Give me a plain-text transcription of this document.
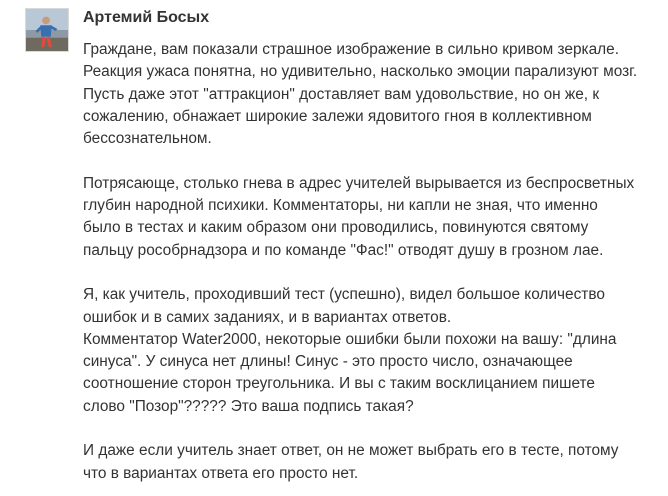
Артемий Босых

Граждане, вам показали страшное изображение в сильно кривом зеркале.
Реакция ужаса понятна, но удивительно, насколько эмоции парализуют мозг.
Пусть даже этот "аттракцион" доставляет вам удовольствие, но он же, к
сожалению, обнажает широкие залежи ядовитого гноя в коллективном
бессознательном.

Потрясающе, столько гнева в адрес учителей вырывается из беспросветных
глубин народной психики. Комментаторы, ни капли не зная, что именно
было в тестах и каким образом они проводились, повинуются святому
пальцу рособрнадзора и по команде "Фас!" отводят душу в грозном лае.

Я, как учитель, проходивший тест (успешно), видел большое количество
ошибок и в самих заданиях, и в вариантах ответов.
Комментатор Water2000, некоторые ошибки были похожи на вашу: "длина
синуса". У синуса нет длины! Синус - это просто число, означающее
соотношение сторон треугольника. И вы с таким восклицанием пишете
слово "Позор"????? Это ваша подпись такая?

И даже если учитель знает ответ, он не может выбрать его в тесте, потому
что в вариантах ответа его просто нет.
